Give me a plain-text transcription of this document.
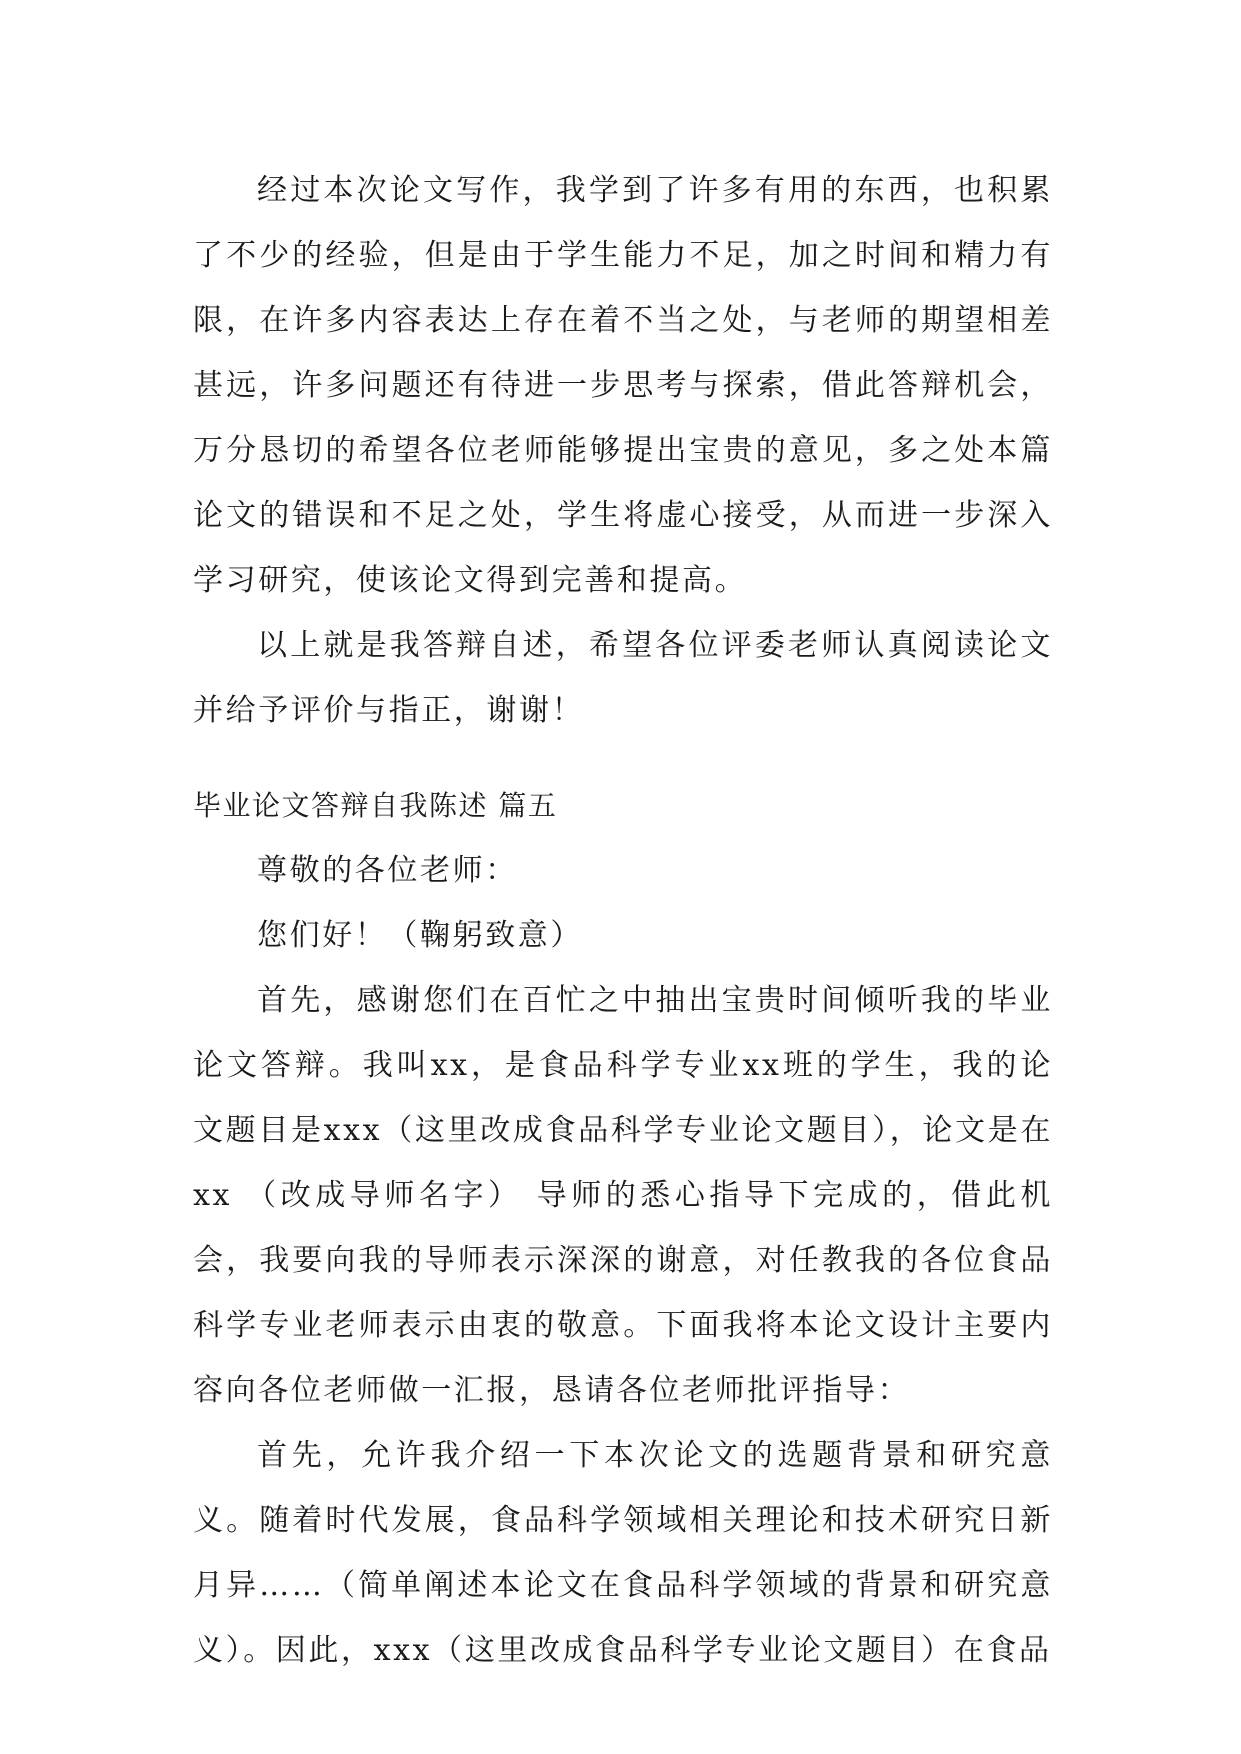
经过本次论文写作，我学到了许多有用的东西，也积累了不少的经验，但是由于学生能力不足，加之时间和精力有限，在许多内容表达上存在着不当之处，与老师的期望相差甚远，许多问题还有待进一步思考与探索，借此答辩机会，万分恳切的希望各位老师能够提出宝贵的意见，多之处本篇论文的错误和不足之处，学生将虚心接受，从而进一步深入学习研究，使该论文得到完善和提高。

以上就是我答辩自述，希望各位评委老师认真阅读论文并给予评价与指正，谢谢！

毕业论文答辩自我陈述 篇五

尊敬的各位老师：

您们好！（鞠躬致意）

首先，感谢您们在百忙之中抽出宝贵时间倾听我的毕业论文答辩。我叫xx，是食品科学专业xx班的学生，我的论文题目是xxx（这里改成食品科学专业论文题目），论文是在xx （改成导师名字） 导师的悉心指导下完成的，借此机会，我要向我的导师表示深深的谢意，对任教我的各位食品科学专业老师表示由衷的敬意。下面我将本论文设计主要内容向各位老师做一汇报，恳请各位老师批评指导：

首先，允许我介绍一下本次论文的选题背景和研究意义。随着时代发展，食品科学领域相关理论和技术研究日新月异……（简单阐述本论文在食品科学领域的背景和研究意义）。因此，xxx（这里改成食品科学专业论文题目）在食品
